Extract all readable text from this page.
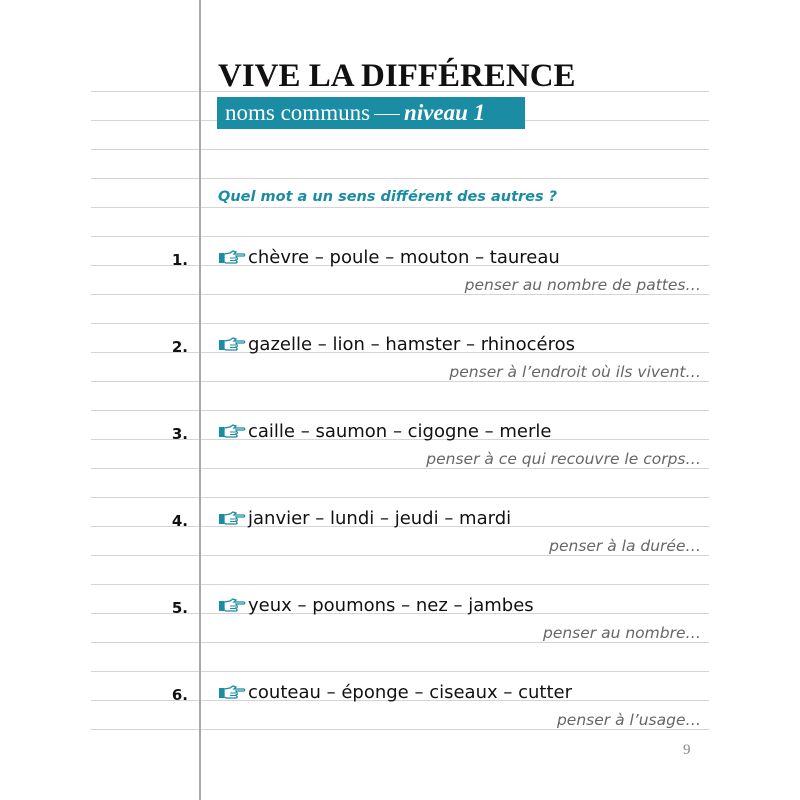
VIVE LA DIFFÉRENCE
noms communs niveau 1
Quel mot a un sens différent des autres ?
1.	chèvre – poule – mouton – taureau
penser au nombre de pattes…
2.	gazelle – lion – hamster – rhinocéros
penser à l’endroit où ils vivent…
3.	caille – saumon – cigogne – merle
penser à ce qui recouvre le corps…
4.	janvier – lundi – jeudi – mardi
penser à la durée…
5.	yeux – poumons – nez – jambes
penser au nombre…
6.	couteau – éponge – ciseaux – cutter
penser à l’usage…
9
